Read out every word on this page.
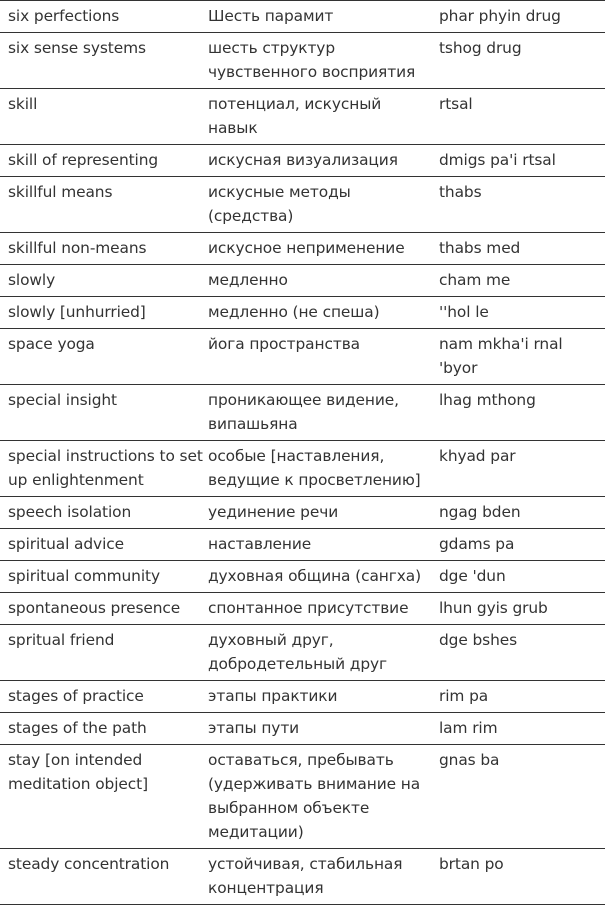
six perfections	Шесть парамит	phar phyin drug
six sense systems	шесть структур чувственного восприятия	tshog drug
skill	потенциал, искусный навык	rtsal
skill of representing	искусная визуализация	dmigs pa'i rtsal
skillful means	искусные методы (средства)	thabs
skillful non-means	искусное неприменение	thabs med
slowly	медленно	cham me
slowly [unhurried]	медленно (не спеша)	''hol le
space yoga	йога пространства	nam mkha'i rnal 'byor
special insight	проникающее видение, випашьяна	lhag mthong
special instructions to set up enlightenment	особые [наставления, ведущие к просветлению]	khyad par
speech isolation	уединение речи	ngag bden
spiritual advice	наставление	gdams pa
spiritual community	духовная община (сангха)	dge 'dun
spontaneous presence	спонтанное присутствие	lhun gyis grub
spritual friend	духовный друг, добродетельный друг	dge bshes
stages of practice	этапы практики	rim pa
stages of the path	этапы пути	lam rim
stay [on intended meditation object]	оставаться, пребывать (удерживать внимание на выбранном объекте медитации)	gnas ba
steady concentration	устойчивая, стабильная концентрация	brtan po
